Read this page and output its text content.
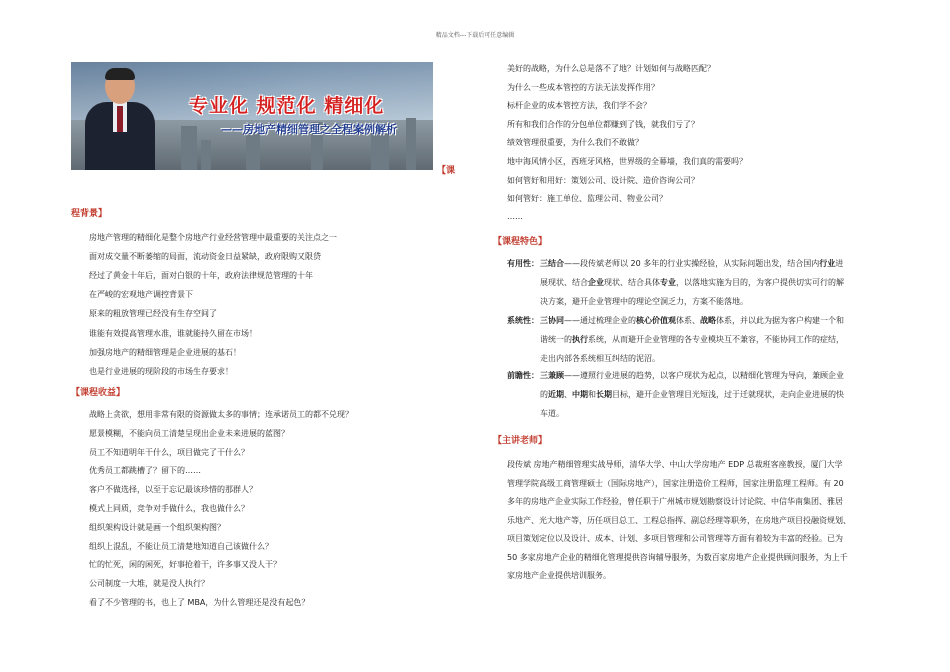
精品文档---下载后可任意编辑
专业化 规范化 精细化
——房地产精细管理之全程案例解析
【课
程背景】
房地产管理的精细化是整个房地产行业经营管理中最重要的关注点之一
面对成交量不断萎缩的局面，流动资金日益紧缺，政府限购又限贷
经过了黄金十年后，面对白银的十年，政府法律规范管理的十年
在严峻的宏观地产调控背景下
原来的粗放管理已经没有生存空间了
谁能有效提高管理水准，谁就能持久留在市场！
加强房地产的精细管理是企业进展的基石！
也是行业进展的现阶段的市场生存要求！
【课程收益】
战略上贪欲，想用非常有限的资源做太多的事情；连承诺员工的都不兑现？
愿景模糊，不能向员工清楚呈现出企业未来进展的蓝图？
员工不知道明年干什么，项目做完了干什么？
优秀员工都跳槽了？留下的……
客户不做选择，以至于忘记最该珍惜的那群人？
模式上同质，竞争对手做什么，我也做什么？
组织架构设计就是画一个组织架构图？
组织上混乱，不能让员工清楚地知道自己该做什么？
忙的忙死，闲的闲死，好事抢着干，许多事又没人干？
公司制度一大堆，就是没人执行？
看了不少管理的书，也上了 MBA，为什么管理还是没有起色？
美好的战略，为什么总是落不了地？计划如何与战略匹配？
为什么一些成本管控的方法无法发挥作用？
标杆企业的成本管控方法，我们学不会？
所有和我们合作的分包单位都赚到了钱，就我们亏了？
绩效管理很重要，为什么我们不敢做？
地中海风情小区，西班牙风格，世界级的全幕墙，我们真的需要吗？
如何管好和用好：策划公司、设计院、造价咨询公司？
如何管好：施工单位、监理公司、物业公司？
……
【课程特色】
有用性： 三结合——段传斌老师以 20 多年的行业实操经验，从实际问题出发，结合国内行业进
展现状、结合企业现状、结合具体专业，以落地实施为目的，为客户提供切实可行的解
决方案，避开企业管理中的理论空洞乏力，方案不能落地。
系统性： 三协同——通过梳理企业的核心价值观体系、战略体系，并以此为据为客户构建一个和
谐统一的执行系统，从而避开企业管理的各专业模块互不兼容，不能协同工作的症结，
走出内部各系统相互纠结的泥沼。
前瞻性： 三兼顾——遵照行业进展的趋势，以客户现状为起点，以精细化管理为导向，兼顾企业
的近期、中期和长期目标，避开企业管理目光短浅，过于迁就现状，走向企业进展的快
车道。
【主讲老师】
段传斌 房地产精细管理实战导师，清华大学、中山大学房地产 EDP 总裁班客座教授，厦门大学
管理学院高级工商管理硕士（国际房地产），国家注册造价工程师，国家注册监理工程师。有 20
多年的房地产企业实际工作经验，曾任职于广州城市规划勘察设计讨论院、中信华南集团、雅居
乐地产、光大地产等，历任项目总工、工程总指挥、副总经理等职务，在房地产项目投融资规划、
项目策划定位以及设计、成本、计划、多项目管理和公司管理等方面有着较为丰富的经验。已为
50 多家房地产企业的精细化管理提供咨询辅导服务，为数百家房地产企业提供顾问服务，为上千
家房地产企业提供培训服务。
